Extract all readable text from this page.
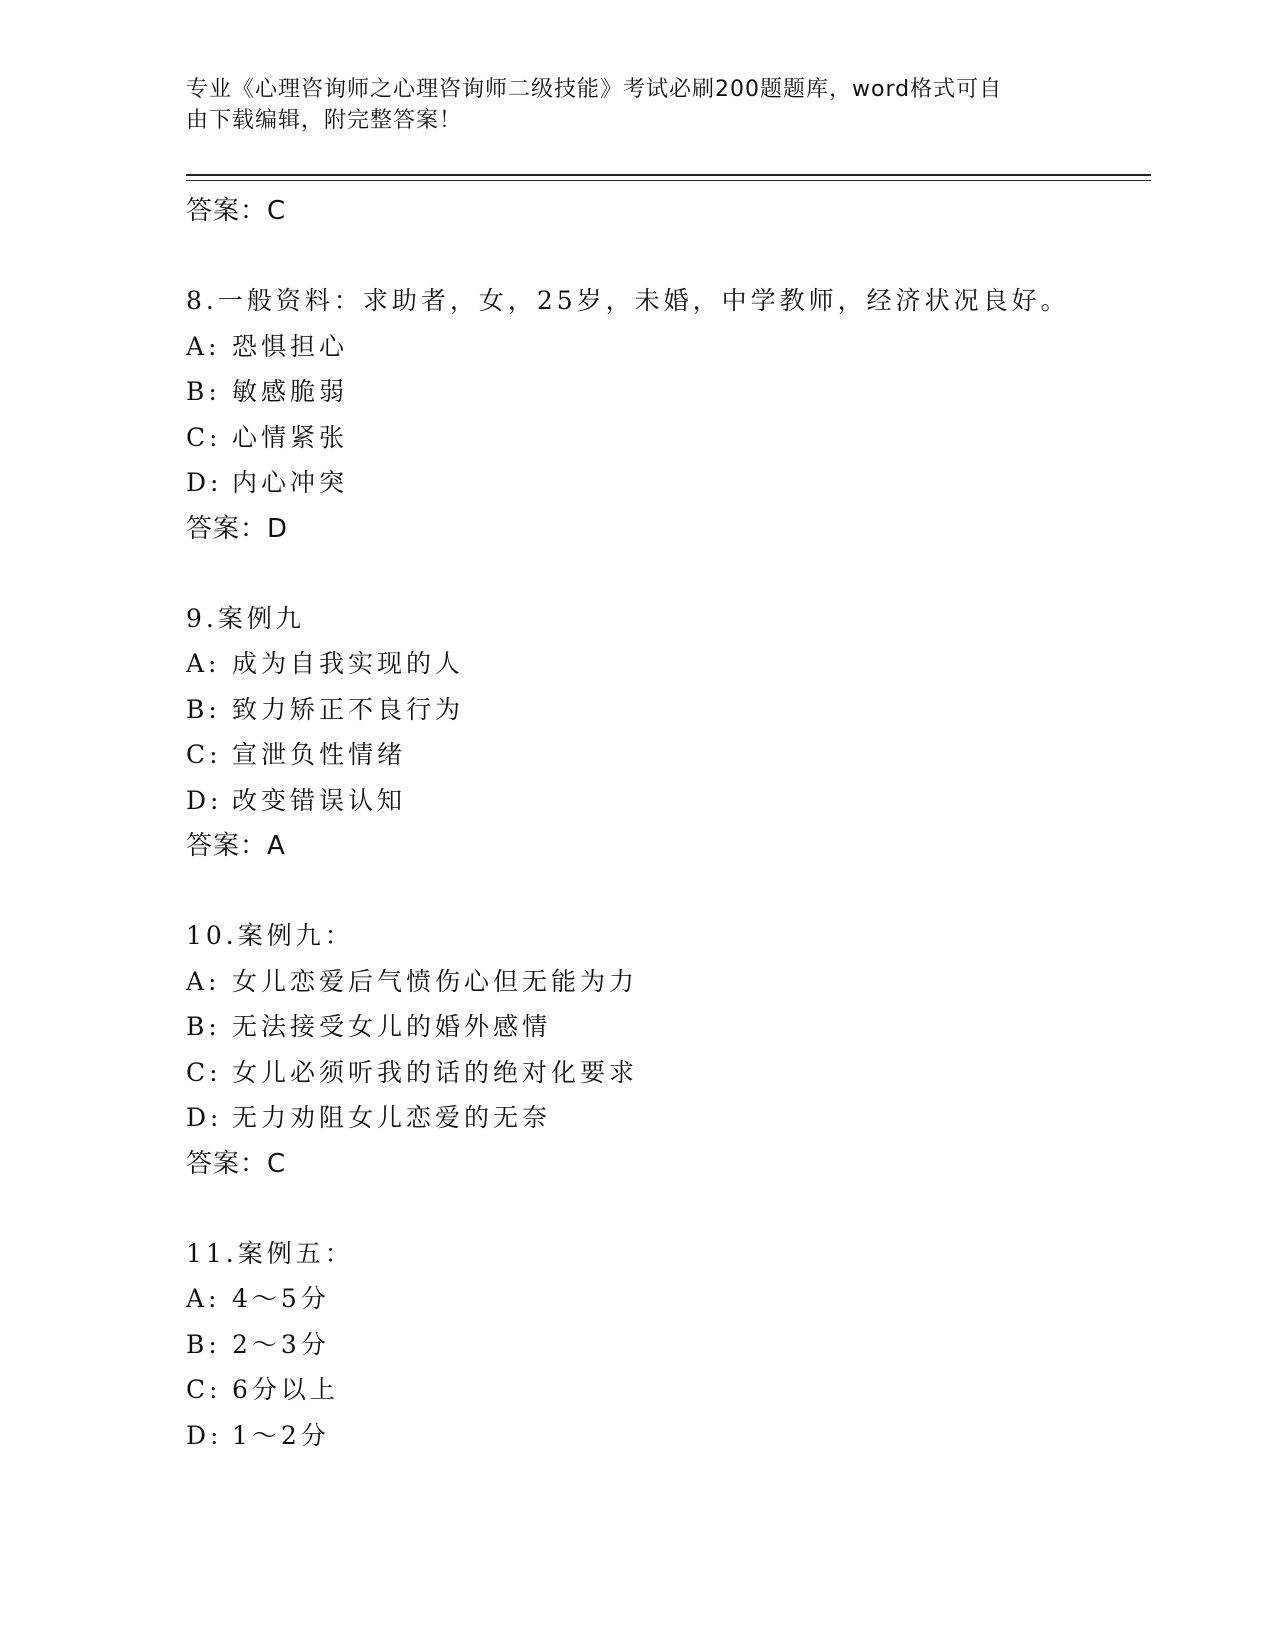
专业《心理咨询师之心理咨询师二级技能》考试必刷200题题库，word格式可自
由下载编辑，附完整答案！
答案：C
8.一般资料：求助者，女，25岁，未婚，中学教师，经济状况良好。
A: 恐惧担心
B: 敏感脆弱
C: 心情紧张
D: 内心冲突
答案：D
9.案例九
A: 成为自我实现的人
B: 致力矫正不良行为
C: 宣泄负性情绪
D: 改变错误认知
答案：A
10.案例九：
A: 女儿恋爱后气愤伤心但无能为力
B: 无法接受女儿的婚外感情
C: 女儿必须听我的话的绝对化要求
D: 无力劝阻女儿恋爱的无奈
答案：C
11.案例五：
A: 4～5分
B: 2～3分
C: 6分以上
D: 1～2分
